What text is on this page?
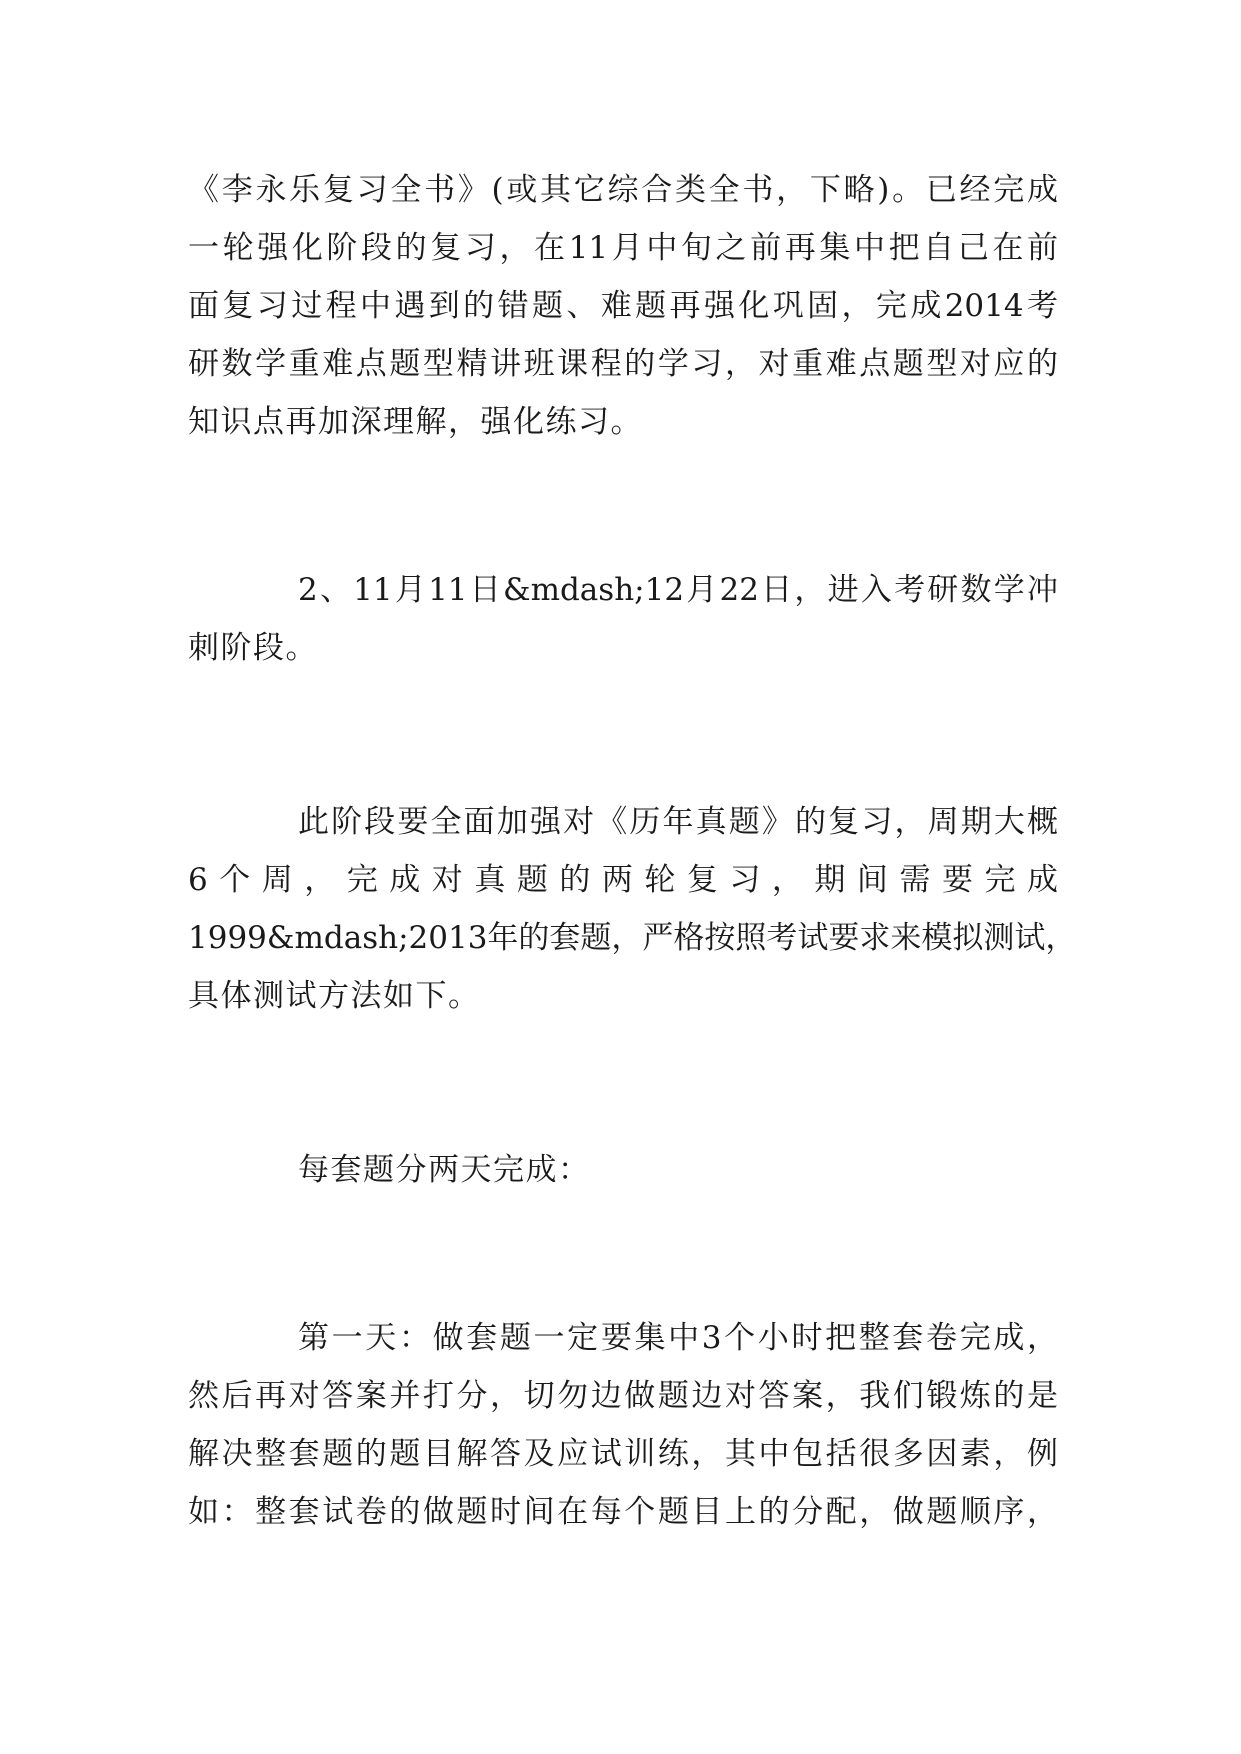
《李永乐复习全书》(或其它综合类全书，下略)。已经完成

一轮强化阶段的复习，在11月中旬之前再集中把自己在前

面复习过程中遇到的错题、难题再强化巩固，完成2014考

研数学重难点题型精讲班课程的学习，对重难点题型对应的

知识点再加深理解，强化练习。

2、11月11日&mdash;12月22日，进入考研数学冲

刺阶段。

此阶段要全面加强对《历年真题》的复习，周期大概

6个周，完成对真题的两轮复习，期间需要完成

1999&mdash;2013年的套题，严格按照考试要求来模拟测试，

具体测试方法如下。

每套题分两天完成：

第一天：做套题一定要集中3个小时把整套卷完成，

然后再对答案并打分，切勿边做题边对答案，我们锻炼的是

解决整套题的题目解答及应试训练，其中包括很多因素，例

如：整套试卷的做题时间在每个题目上的分配，做题顺序，
